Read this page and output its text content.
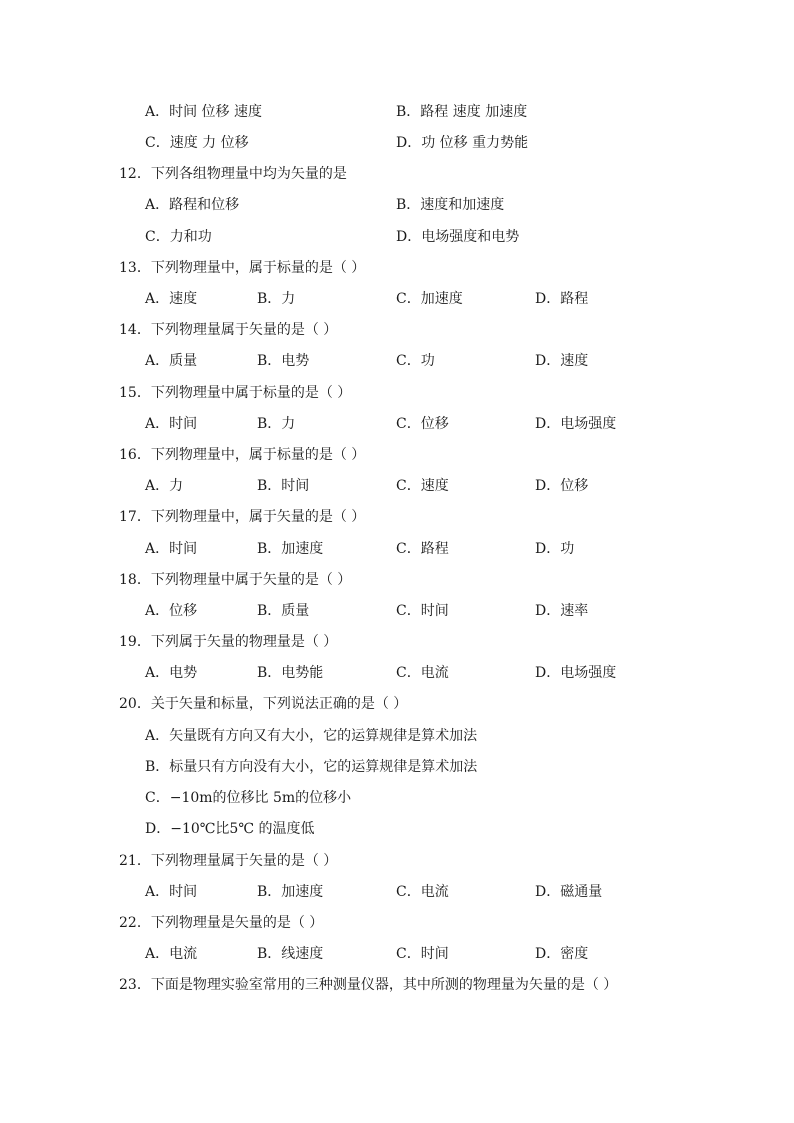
A．时间 位移 速度	B．路程 速度 加速度
C．速度 力 位移	D．功 位移 重力势能
12．下列各组物理量中均为矢量的是
A．路程和位移	B．速度和加速度
C．力和功	D．电场强度和电势
13．下列物理量中，属于标量的是（ ）
A．速度	B．力	C．加速度	D．路程
14．下列物理量属于矢量的是（ ）
A．质量	B．电势	C．功	D．速度
15．下列物理量中属于标量的是（ ）
A．时间	B．力	C．位移	D．电场强度
16．下列物理量中，属于标量的是（ ）
A．力	B．时间	C．速度	D．位移
17．下列物理量中，属于矢量的是（ ）
A．时间	B．加速度	C．路程	D．功
18．下列物理量中属于矢量的是（ ）
A．位移	B．质量	C．时间	D．速率
19．下列属于矢量的物理量是（ ）
A．电势	B．电势能	C．电流	D．电场强度
20．关于矢量和标量，下列说法正确的是（ ）
A．矢量既有方向又有大小，它的运算规律是算术加法
B．标量只有方向没有大小，它的运算规律是算术加法
C．−10m的位移比 5m的位移小
D．−10℃比5℃ 的温度低
21．下列物理量属于矢量的是（ ）
A．时间	B．加速度	C．电流	D．磁通量
22．下列物理量是矢量的是（ ）
A．电流	B．线速度	C．时间	D．密度
23．下面是物理实验室常用的三种测量仪器，其中所测的物理量为矢量的是（ ）
